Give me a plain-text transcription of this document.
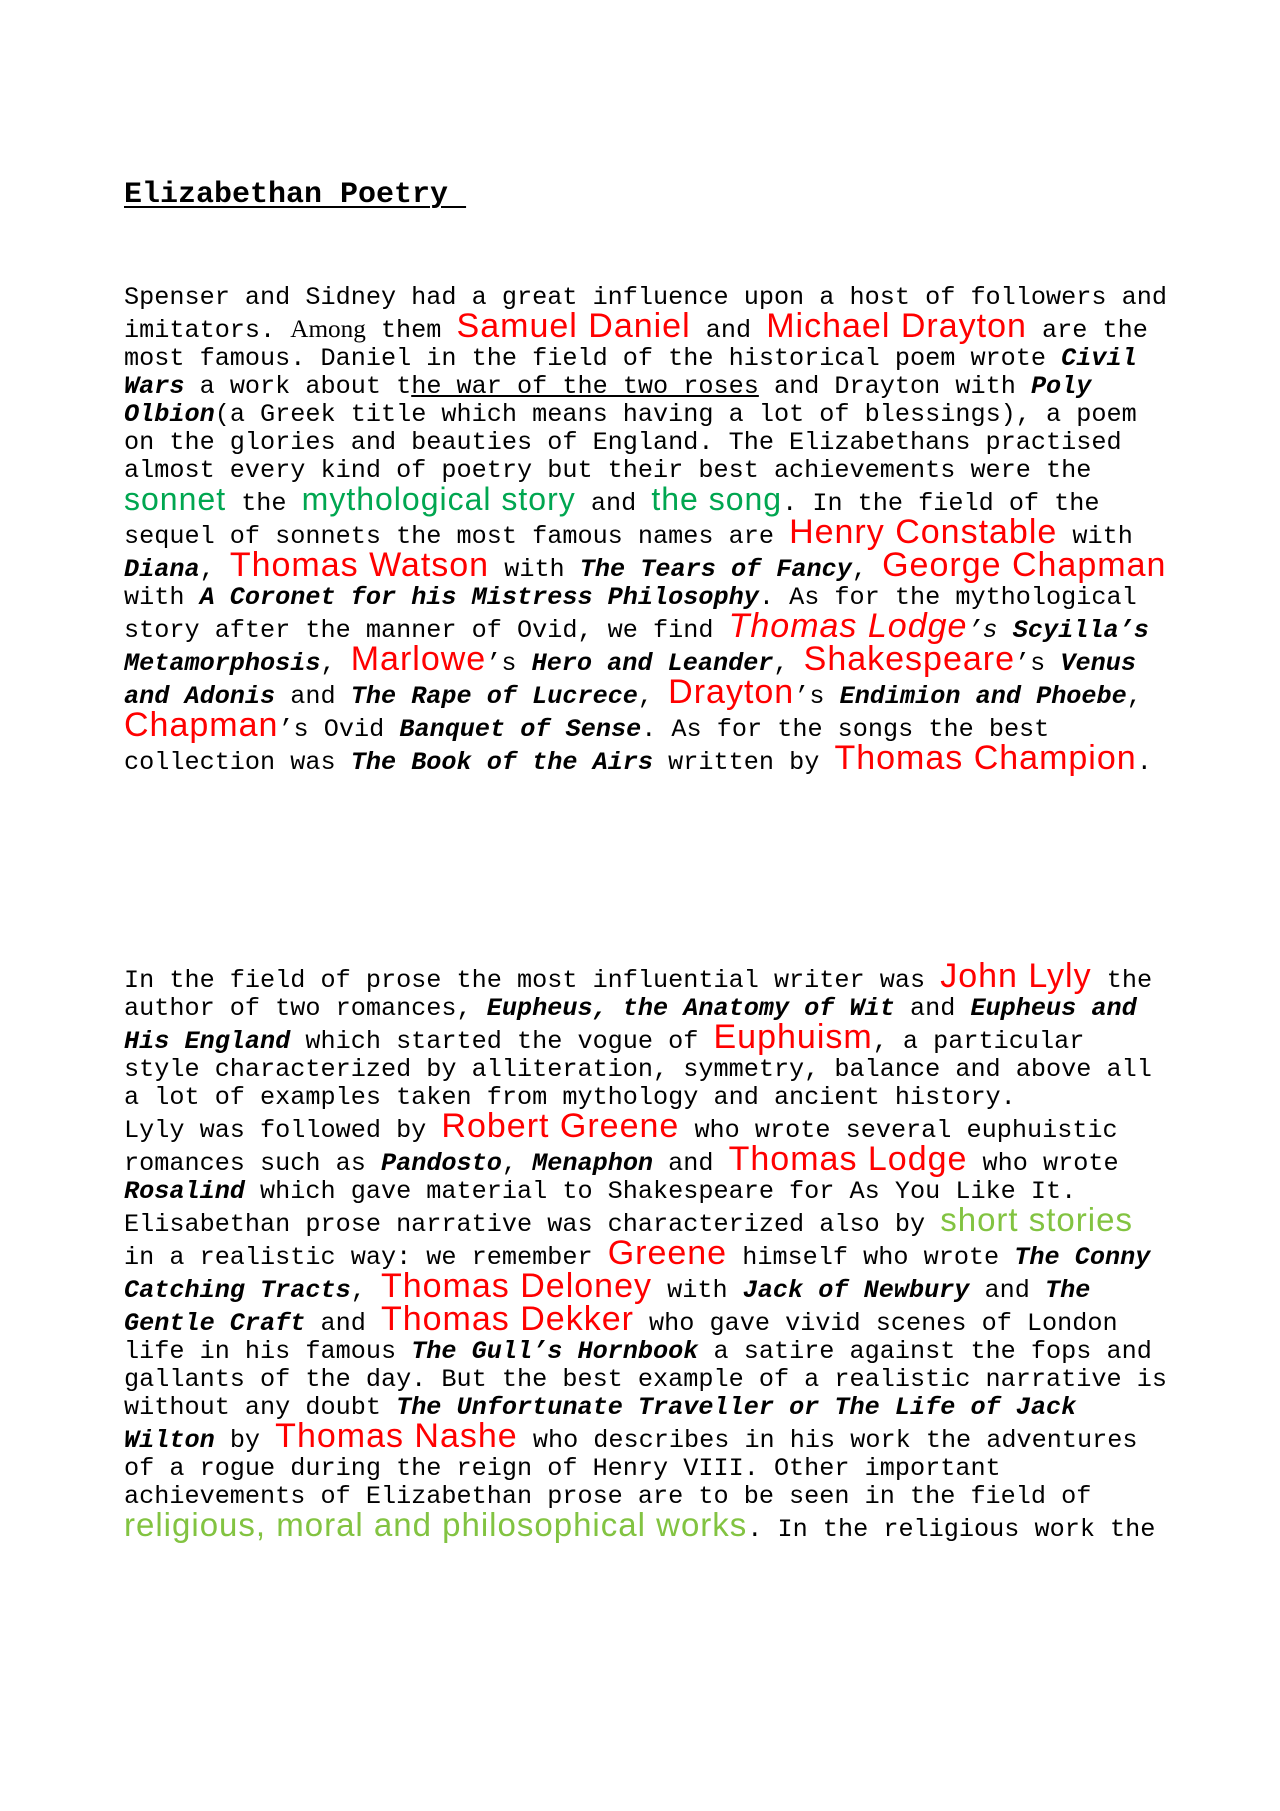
Elizabethan Poetry

Spenser and Sidney had a great influence upon a host of followers and imitators. Among them Samuel Daniel and Michael Drayton are the most famous. Daniel in the field of the historical poem wrote Civil Wars a work about the war of the two roses and Drayton with Poly Olbion(a Greek title which means having a lot of blessings), a poem on the glories and beauties of England. The Elizabethans practised almost every kind of poetry but their best achievements were the sonnet the mythological story and the song. In the field of the sequel of sonnets the most famous names are Henry Constable with Diana, Thomas Watson with The Tears of Fancy, George Chapman with A Coronet for his Mistress Philosophy. As for the mythological story after the manner of Ovid, we find Thomas Lodge’s Scyilla’s Metamorphosis, Marlowe’s Hero and Leander, Shakespeare’s Venus and Adonis and The Rape of Lucrece, Drayton’s Endimion and Phoebe, Chapman’s Ovid Banquet of Sense. As for the songs the best collection was The Book of the Airs written by Thomas Champion.

In the field of prose the most influential writer was John Lyly the author of two romances, Eupheus, the Anatomy of Wit and Eupheus and His England which started the vogue of Euphuism, a particular style characterized by alliteration, symmetry, balance and above all a lot of examples taken from mythology and ancient history.
Lyly was followed by Robert Greene who wrote several euphuistic romances such as Pandosto, Menaphon and Thomas Lodge who wrote Rosalind which gave material to Shakespeare for As You Like It. Elisabethan prose narrative was characterized also by short stories in a realistic way: we remember Greene himself who wrote The Conny Catching Tracts, Thomas Deloney with Jack of Newbury and The Gentle Craft and Thomas Dekker who gave vivid scenes of London life in his famous The Gull’s Hornbook a satire against the fops and gallants of the day. But the best example of a realistic narrative is without any doubt The Unfortunate Traveller or The Life of Jack Wilton by Thomas Nashe who describes in his work the adventures of a rogue during the reign of Henry VIII. Other important achievements of Elizabethan prose are to be seen in the field of religious, moral and philosophical works. In the religious work the
